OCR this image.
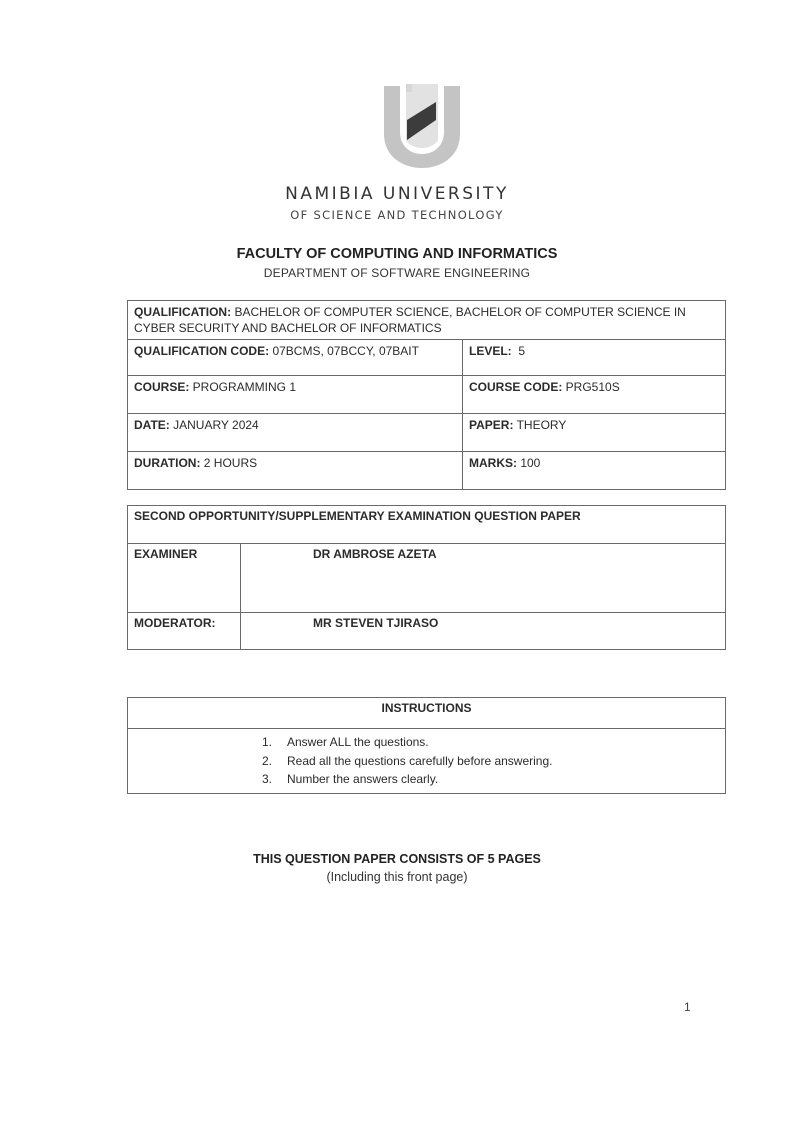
NAMIBIA UNIVERSITY
OF SCIENCE AND TECHNOLOGY
FACULTY OF COMPUTING AND INFORMATICS
DEPARTMENT OF SOFTWARE ENGINEERING
QUALIFICATION: BACHELOR OF COMPUTER SCIENCE, BACHELOR OF COMPUTER SCIENCE IN CYBER SECURITY AND BACHELOR OF INFORMATICS	
QUALIFICATION CODE: 07BCMS, 07BCCY, 07BAIT	LEVEL:  5
COURSE: PROGRAMMING 1	COURSE CODE: PRG510S
DATE: JANUARY 2024	PAPER: THEORY
DURATION: 2 HOURS	MARKS: 100
SECOND OPPORTUNITY/SUPPLEMENTARY EXAMINATION QUESTION PAPER	
EXAMINER	DR AMBROSE AZETA
MODERATOR:	MR STEVEN TJIRASO
INSTRUCTIONS

1. Answer ALL the questions.
2. Read all the questions carefully before answering.
3. Number the answers clearly.
THIS QUESTION PAPER CONSISTS OF 5 PAGES
(Including this front page)
1
